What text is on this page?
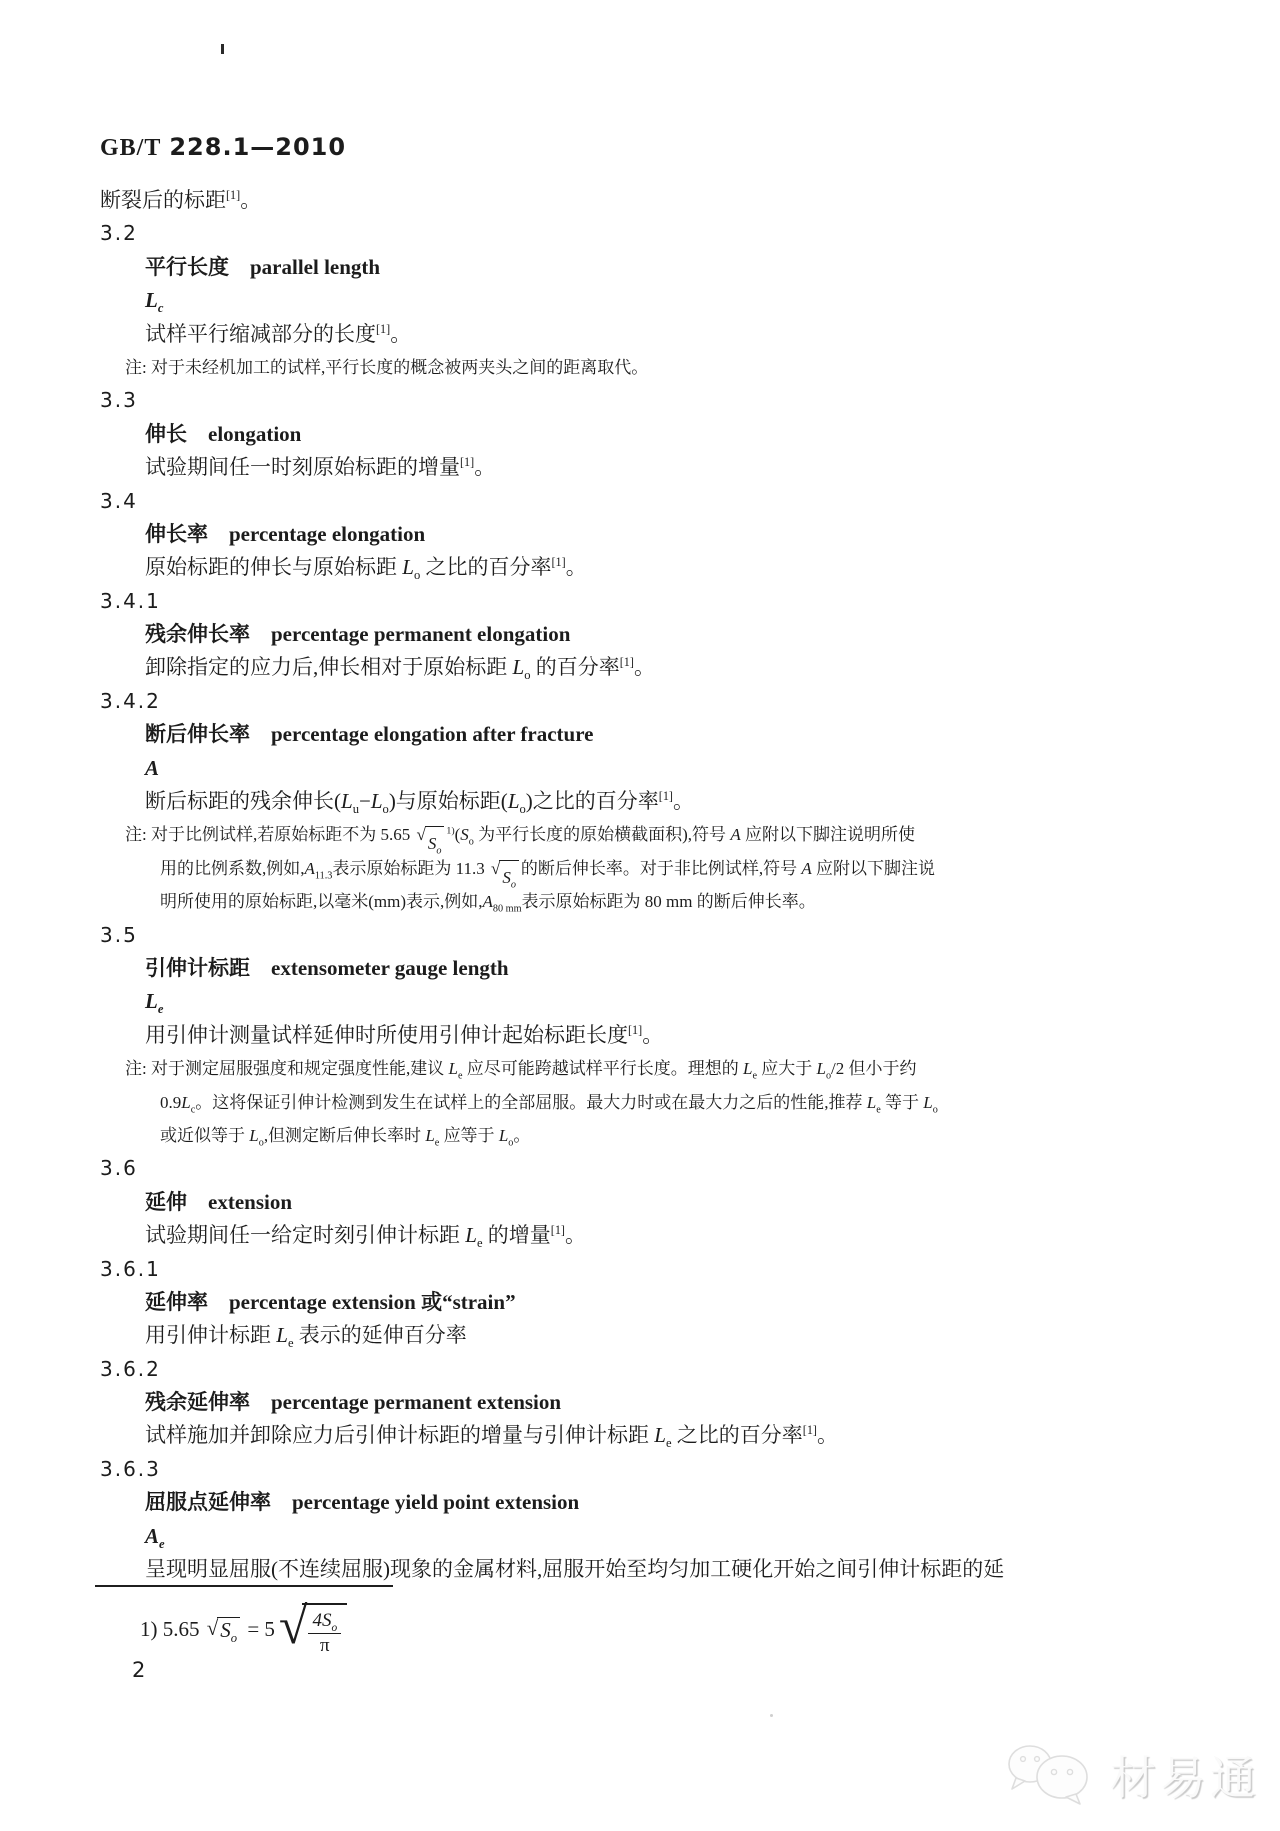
GB/T 228.1—2010
断裂后的标距[1]。
3.2
平行长度　parallel length
$L_c$
试样平行缩减部分的长度[1]。
注: 对于未经机加工的试样,平行长度的概念被两夹头之间的距离取代。
3.3
伸长　elongation
试验期间任一时刻原始标距的增量[1]。
3.4
伸长率　percentage elongation
原始标距的伸长与原始标距 $L_o$ 之比的百分率[1]。
3.4.1
残余伸长率　percentage permanent elongation
卸除指定的应力后,伸长相对于原始标距 $L_o$ 的百分率[1]。
3.4.2
断后伸长率　percentage elongation after fracture
A
断后标距的残余伸长$(L_u-L_o)$与原始标距$(L_o)$之比的百分率[1]。
注: 对于比例试样,若原始标距不为 5.65 √ $S_o$
$^{1)}(S_o$ 为平行长度的原始横截面积),符号 A 应附以下脚注说明所使
用的比例系数,例如$,A_{11.3}$表示原始标距为 11.3 √ $S_o$
的断后伸长率。对于非比例试样,符号 A 应附以下脚注说
明所使用的原始标距,以毫米(mm)表示,例如$,A_{80 mm}$表示原始标距为 80 mm 的断后伸长率。
3.5
引伸计标距　extensometer gauge length
$L_e$
用引伸计测量试样延伸时所使用引伸计起始标距长度[1]。
注: 对于测定屈服强度和规定强度性能,建议 $L_e$ 应尽可能跨越试样平行长度。理想的 $L_e$ 应大于 $L_o/2$ 但小于约
$0.9L_c$。这将保证引伸计检测到发生在试样上的全部屈服。最大力时或在最大力之后的性能,推荐 $L_e$ 等于 $L_o$
或近似等于 $L_o$,但测定断后伸长率时 $L_e$ 应等于 $L_o$。
3.6
延伸　extension
试验期间任一给定时刻引伸计标距 $L_e$ 的增量[1]。
3.6.1
延伸率　percentage extension 或“strain”
用引伸计标距 $L_e$ 表示的延伸百分率
3.6.2
残余延伸率　percentage permanent extension
试样施加并卸除应力后引伸计标距的增量与引伸计标距 $L_e$ 之比的百分率[1]。
3.6.3
屈服点延伸率　percentage yield point extension
$A_e$
呈现明显屈服(不连续屈服)现象的金属材料,屈服开始至均匀加工硬化开始之间引伸计标距的延
1) 5.65 √ $S_o = 5$ √ $\frac{4S_o}{\pi}$
2
材易通
